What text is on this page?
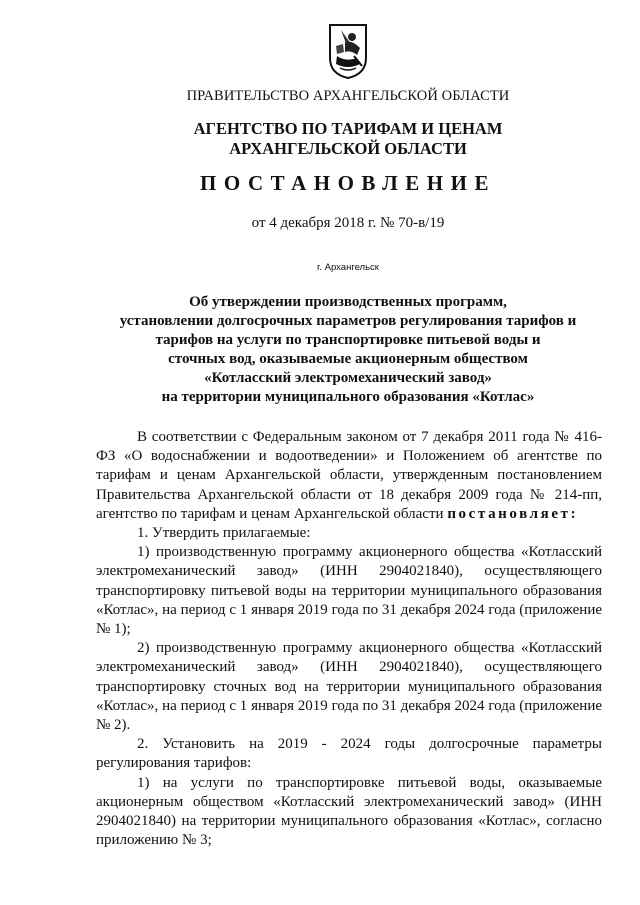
ПРАВИТЕЛЬСТВО АРХАНГЕЛЬСКОЙ ОБЛАСТИ
АГЕНТСТВО ПО ТАРИФАМ И ЦЕНАМ
АРХАНГЕЛЬСКОЙ ОБЛАСТИ
ПОСТАНОВЛЕНИЕ
от 4 декабря 2018 г. № 70-в/19
г. Архангельск
Об утверждении производственных программ,
установлении долгосрочных параметров регулирования тарифов и
тарифов на услуги по транспортировке питьевой воды и
сточных вод, оказываемые акционерным обществом
«Котласский электромеханический завод»
на территории муниципального образования «Котлас»

В соответствии с Федеральным законом от 7 декабря 2011 года № 416-ФЗ «О водоснабжении и водоотведении» и Положением об агентстве по тарифам и ценам Архангельской области, утвержденным постановлением Правительства Архангельской области от 18 декабря 2009 года № 214-пп, агентство по тарифам и ценам Архангельской области постановляет:

1. Утвердить прилагаемые:

1) производственную программу акционерного общества «Котласский электромеханический завод» (ИНН 2904021840), осуществляющего транспортировку питьевой воды на территории муниципального образования «Котлас», на период с 1 января 2019 года по 31 декабря 2024 года (приложение № 1);

2) производственную программу акционерного общества «Котласский электромеханический завод» (ИНН 2904021840), осуществляющего транспортировку сточных вод на территории муниципального образования «Котлас», на период с 1 января 2019 года по 31 декабря 2024 года (приложение № 2).

2. Установить на 2019 - 2024 годы долгосрочные параметры регулирования тарифов:

1) на услуги по транспортировке питьевой воды, оказываемые акционерным обществом «Котласский электромеханический завод» (ИНН 2904021840) на территории муниципального образования «Котлас», согласно приложению № 3;
